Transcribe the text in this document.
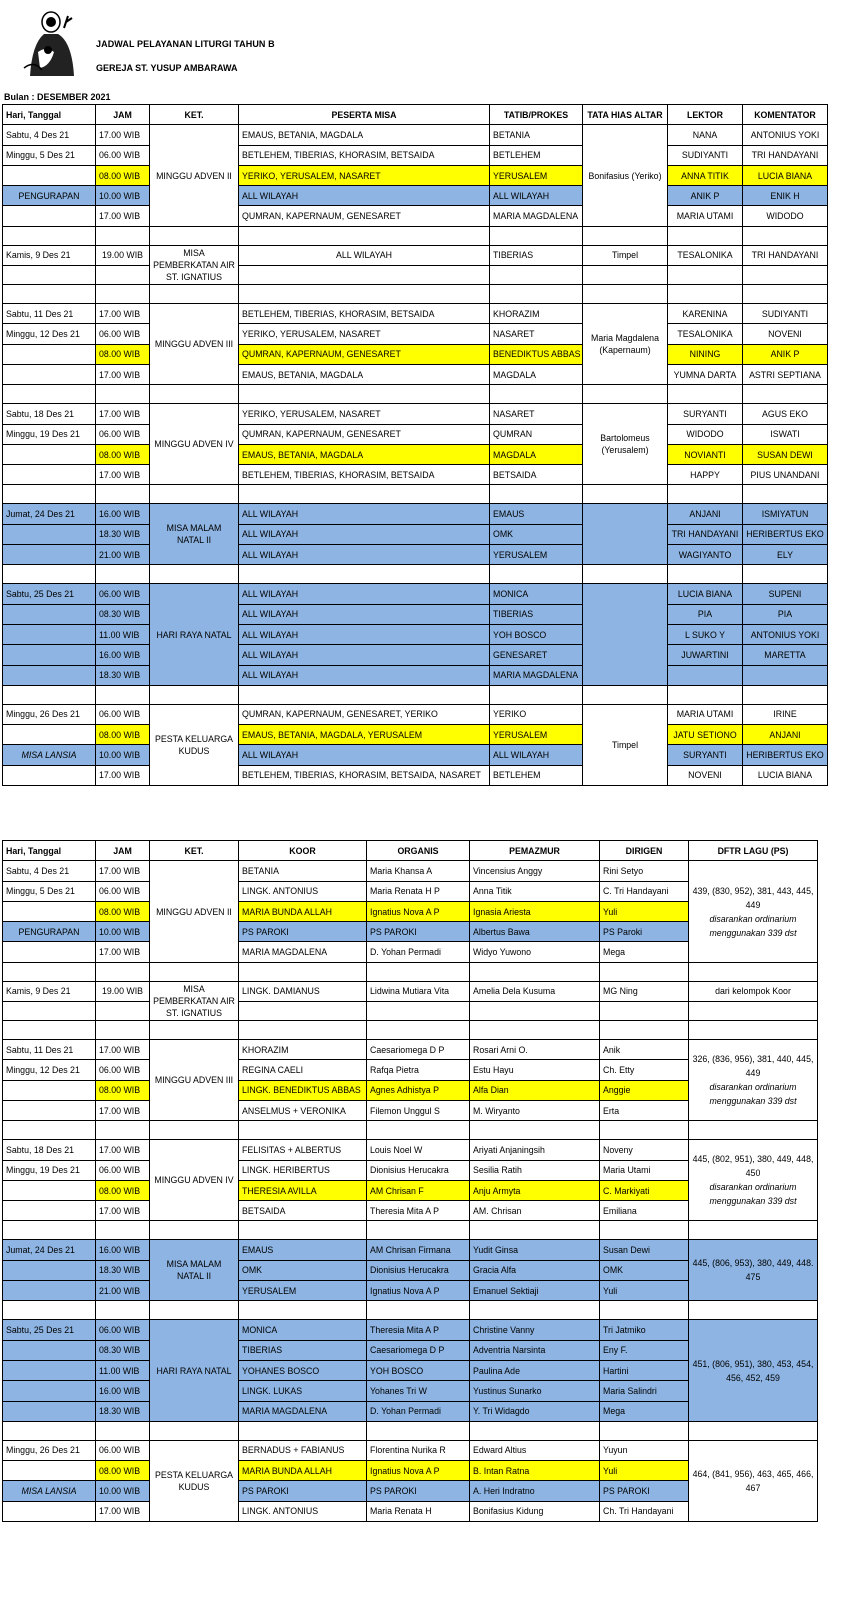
JADWAL PELAYANAN LITURGI TAHUN B
GEREJA ST. YUSUP AMBARAWA
Bulan : DESEMBER 2021
Hari, Tanggal	JAM	KET.	PESERTA MISA	TATIB/PROKES	TATA HIAS ALTAR	LEKTOR	KOMENTATOR
Sabtu, 4 Des 21	17.00 WIB	MINGGU ADVEN II	EMAUS, BETANIA, MAGDALA	BETANIA	Bonifasius (Yeriko)	NANA	ANTONIUS YOKI
Minggu, 5 Des 21	06.00 WIB		BETLEHEM, TIBERIAS, KHORASIM, BETSAIDA	BETLEHEM		SUDIYANTI	TRI HANDAYANI
	08.00 WIB		YERIKO, YERUSALEM, NASARET	YERUSALEM		ANNA TITIK	LUCIA BIANA
PENGURAPAN	10.00 WIB		ALL WILAYAH	ALL WILAYAH		ANIK P	ENIK H
	17.00 WIB		QUMRAN, KAPERNAUM, GENESARET	MARIA MAGDALENA		MARIA UTAMI	WIDODO

Kamis, 9 Des 21	19.00 WIB	MISA PEMBERKATAN AIR ST. IGNATIUS	ALL WILAYAH	TIBERIAS	Timpel	TESALONIKA	TRI HANDAYANI

Sabtu, 11 Des 21	17.00 WIB	MINGGU ADVEN III	BETLEHEM, TIBERIAS, KHORASIM, BETSAIDA	KHORAZIM	Maria Magdalena (Kapernaum)	KARENINA	SUDIYANTI
Minggu, 12 Des 21	06.00 WIB		YERIKO, YERUSALEM, NASARET	NASARET		TESALONIKA	NOVENI
	08.00 WIB		QUMRAN, KAPERNAUM, GENESARET	BENEDIKTUS ABBAS		NINING	ANIK P
	17.00 WIB		EMAUS, BETANIA, MAGDALA	MAGDALA		YUMNA DARTA	ASTRI SEPTIANA

Sabtu, 18 Des 21	17.00 WIB	MINGGU ADVEN IV	YERIKO, YERUSALEM, NASARET	NASARET	Bartolomeus (Yerusalem)	SURYANTI	AGUS EKO
Minggu, 19 Des 21	06.00 WIB		QUMRAN, KAPERNAUM, GENESARET	QUMRAN		WIDODO	ISWATI
	08.00 WIB		EMAUS, BETANIA, MAGDALA	MAGDALA		NOVIANTI	SUSAN DEWI
	17.00 WIB		BETLEHEM, TIBERIAS, KHORASIM, BETSAIDA	BETSAIDA		HAPPY	PIUS UNANDANI

Jumat, 24 Des 21	16.00 WIB	MISA MALAM NATAL II	ALL WILAYAH	EMAUS		ANJANI	ISMIYATUN
	18.30 WIB		ALL WILAYAH	OMK		TRI HANDAYANI	HERIBERTUS EKO
	21.00 WIB		ALL WILAYAH	YERUSALEM		WAGIYANTO	ELY

Sabtu, 25 Des 21	06.00 WIB	HARI RAYA NATAL	ALL WILAYAH	MONICA		LUCIA BIANA	SUPENI
	08.30 WIB		ALL WILAYAH	TIBERIAS		PIA	PIA
	11.00 WIB		ALL WILAYAH	YOH BOSCO		L SUKO Y	ANTONIUS YOKI
	16.00 WIB		ALL WILAYAH	GENESARET		JUWARTINI	MARETTA
	18.30 WIB		ALL WILAYAH	MARIA MAGDALENA			

Minggu, 26 Des 21	06.00 WIB	PESTA KELUARGA KUDUS	QUMRAN, KAPERNAUM, GENESARET, YERIKO	YERIKO	Timpel	MARIA UTAMI	IRINE
	08.00 WIB		EMAUS, BETANIA, MAGDALA, YERUSALEM	YERUSALEM		JATU SETIONO	ANJANI
MISA LANSIA	10.00 WIB		ALL WILAYAH	ALL WILAYAH		SURYANTI	HERIBERTUS EKO
	17.00 WIB		BETLEHEM, TIBERIAS, KHORASIM, BETSAIDA, NASARET	BETLEHEM		NOVENI	LUCIA BIANA
Hari, Tanggal	JAM	KET.	KOOR	ORGANIS	PEMAZMUR	DIRIGEN	DFTR LAGU (PS)
Sabtu, 4 Des 21	17.00 WIB	MINGGU ADVEN II	BETANIA	Maria Khansa A	Vincensius Anggy	Rini Setyo	439, (830, 952), 381, 443, 445, 449
disarankan ordinarium menggunakan 339 dst
Minggu, 5 Des 21	06.00 WIB		LINGK. ANTONIUS	Maria Renata H P	Anna Titik	C. Tri Handayani	
	08.00 WIB		MARIA BUNDA ALLAH	Ignatius Nova A P	Ignasia Ariesta	Yuli	
PENGURAPAN	10.00 WIB		PS PAROKI	PS PAROKI	Albertus Bawa	PS Paroki	
	17.00 WIB		MARIA MAGDALENA	D. Yohan Permadi	Widyo Yuwono	Mega	

Kamis, 9 Des 21	19.00 WIB	MISA PEMBERKATAN AIR ST. IGNATIUS	LINGK. DAMIANUS	Lidwina Mutiara Vita	Amelia Dela Kusuma	MG Ning	dari kelompok Koor

Sabtu, 11 Des 21	17.00 WIB	MINGGU ADVEN III	KHORAZIM	Caesariomega D P	Rosari Arni O.	Anik	326, (836, 956), 381, 440, 445, 449
disarankan ordinarium menggunakan 339 dst
Minggu, 12 Des 21	06.00 WIB		REGINA CAELI	Rafqa Pietra	Estu Hayu	Ch. Etty	
	08.00 WIB		LINGK. BENEDIKTUS ABBAS	Agnes Adhistya P	Alfa Dian	Anggie	
	17.00 WIB		ANSELMUS + VERONIKA	Filemon Unggul S	M. Wiryanto	Erta	

Sabtu, 18 Des 21	17.00 WIB	MINGGU ADVEN IV	FELISITAS + ALBERTUS	Louis Noel W	Ariyati Anjaningsih	Noveny	445, (802, 951), 380, 449, 448, 450
disarankan ordinarium menggunakan 339 dst
Minggu, 19 Des 21	06.00 WIB		LINGK. HERIBERTUS	Dionisius Herucakra	Sesilia Ratih	Maria Utami	
	08.00 WIB		THERESIA AVILLA	AM Chrisan F	Anju Armyta	C. Markiyati	
	17.00 WIB		BETSAIDA	Theresia Mita A P	AM. Chrisan	Emiliana	

Jumat, 24 Des 21	16.00 WIB	MISA MALAM NATAL II	EMAUS	AM Chrisan Firmana	Yudit Ginsa	Susan Dewi	445, (806, 953), 380, 449, 448. 475
	18.30 WIB		OMK	Dionisius Herucakra	Gracia Alfa	OMK	
	21.00 WIB		YERUSALEM	Ignatius Nova A P	Emanuel Sektiaji	Yuli	

Sabtu, 25 Des 21	06.00 WIB	HARI RAYA NATAL	MONICA	Theresia Mita A P	Christine Vanny	Tri Jatmiko	451, (806, 951), 380, 453, 454, 456, 452, 459
	08.30 WIB		TIBERIAS	Caesariomega D P	Adventria Narsinta	Eny F.	
	11.00 WIB		YOHANES BOSCO	YOH BOSCO	Paulina Ade	Hartini	
	16.00 WIB		LINGK. LUKAS	Yohanes Tri W	Yustinus Sunarko	Maria Salindri	
	18.30 WIB		MARIA MAGDALENA	D. Yohan Permadi	Y. Tri Widagdo	Mega	

Minggu, 26 Des 21	06.00 WIB	PESTA KELUARGA KUDUS	BERNADUS + FABIANUS	Florentina Nurika R	Edward Altius	Yuyun	464, (841, 956), 463, 465, 466, 467
	08.00 WIB		MARIA BUNDA ALLAH	Ignatius Nova A P	B. Intan Ratna	Yuli	
MISA LANSIA	10.00 WIB		PS PAROKI	PS PAROKI	A. Heri Indratno	PS PAROKI	
	17.00 WIB		LINGK. ANTONIUS	Maria Renata H	Bonifasius Kidung	Ch. Tri Handayani	
